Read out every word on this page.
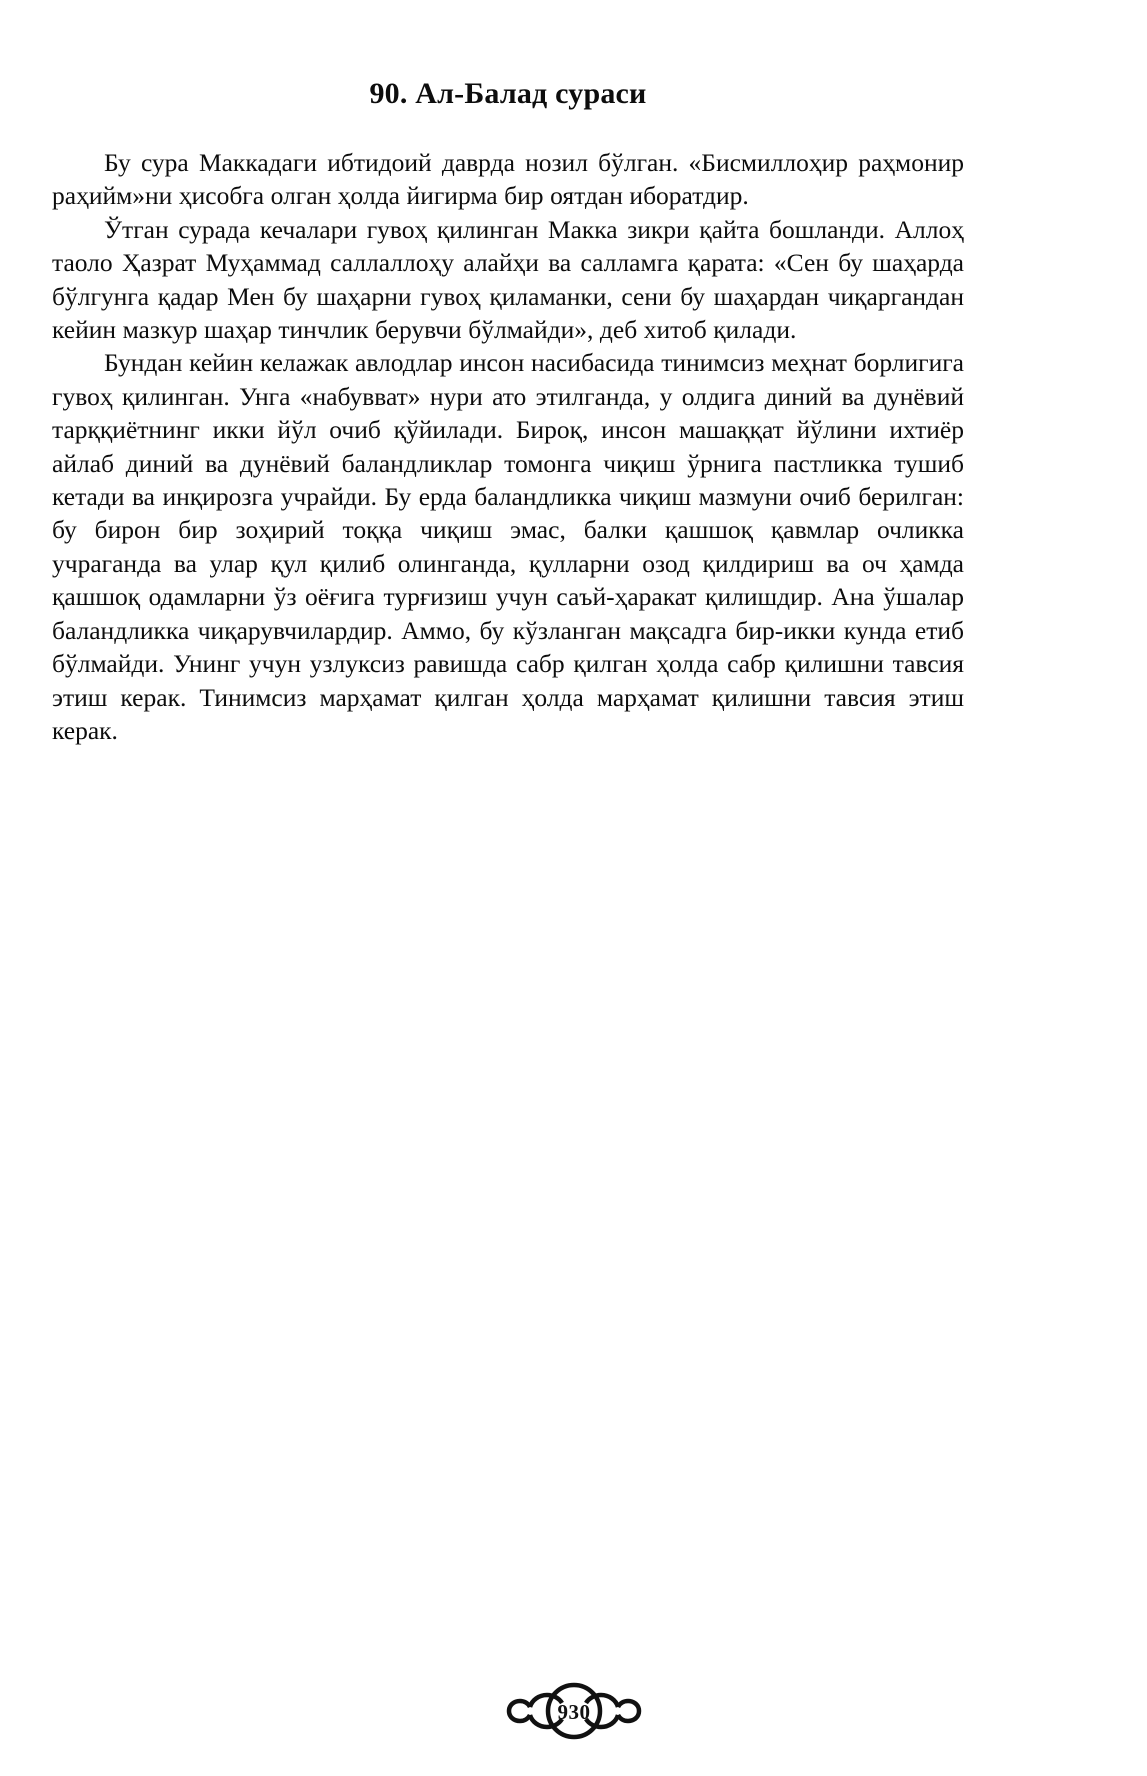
90. Ал-Балад сураси

Бу сура Маккадаги ибтидоий даврда нозил бўлган. «Бисмиллоҳир раҳмонир раҳийм»ни ҳисобга олган ҳолда йигирма бир оятдан иборатдир.

Ўтган сурада кечалари гувоҳ қилинган Макка зикри қайта бошланди. Аллоҳ таоло Ҳазрат Муҳаммад саллаллоҳу алайҳи ва салламга қарата: «Сен бу шаҳарда бўлгунга қадар Мен бу шаҳарни гувоҳ қиламанки, сени бу шаҳардан чиқаргандан кейин мазкур шаҳар тинчлик берувчи бўлмайди», деб хитоб қилади.

Бундан кейин келажак авлодлар инсон насибасида тинимсиз меҳнат борлигига гувоҳ қилинган. Унга «набувват» нури ато этилганда, у олдига диний ва дунёвий тарққиётнинг икки йўл очиб қўйилади. Бироқ, инсон машаққат йўлини ихтиёр айлаб диний ва дунёвий баландликлар томонга чиқиш ўрнига пастликка тушиб кетади ва инқирозга учрайди. Бу ерда баландликка чиқиш мазмуни очиб берилган: бу бирон бир зоҳирий тоққа чиқиш эмас, балки қашшоқ қавмлар очликка учраганда ва улар қул қилиб олинганда, қулларни озод қилдириш ва оч ҳамда қашшоқ одамларни ўз оёғига турғизиш учун саъй-ҳаракат қилишдир. Ана ўшалар баландликка чиқарувчилардир. Аммо, бу кўзланган мақсадга бир-икки кунда етиб бўлмайди. Унинг учун узлуксиз равишда сабр қилган ҳолда сабр қилишни тавсия этиш керак. Тинимсиз марҳамат қилган ҳолда марҳамат қилишни тавсия этиш керак.

930
